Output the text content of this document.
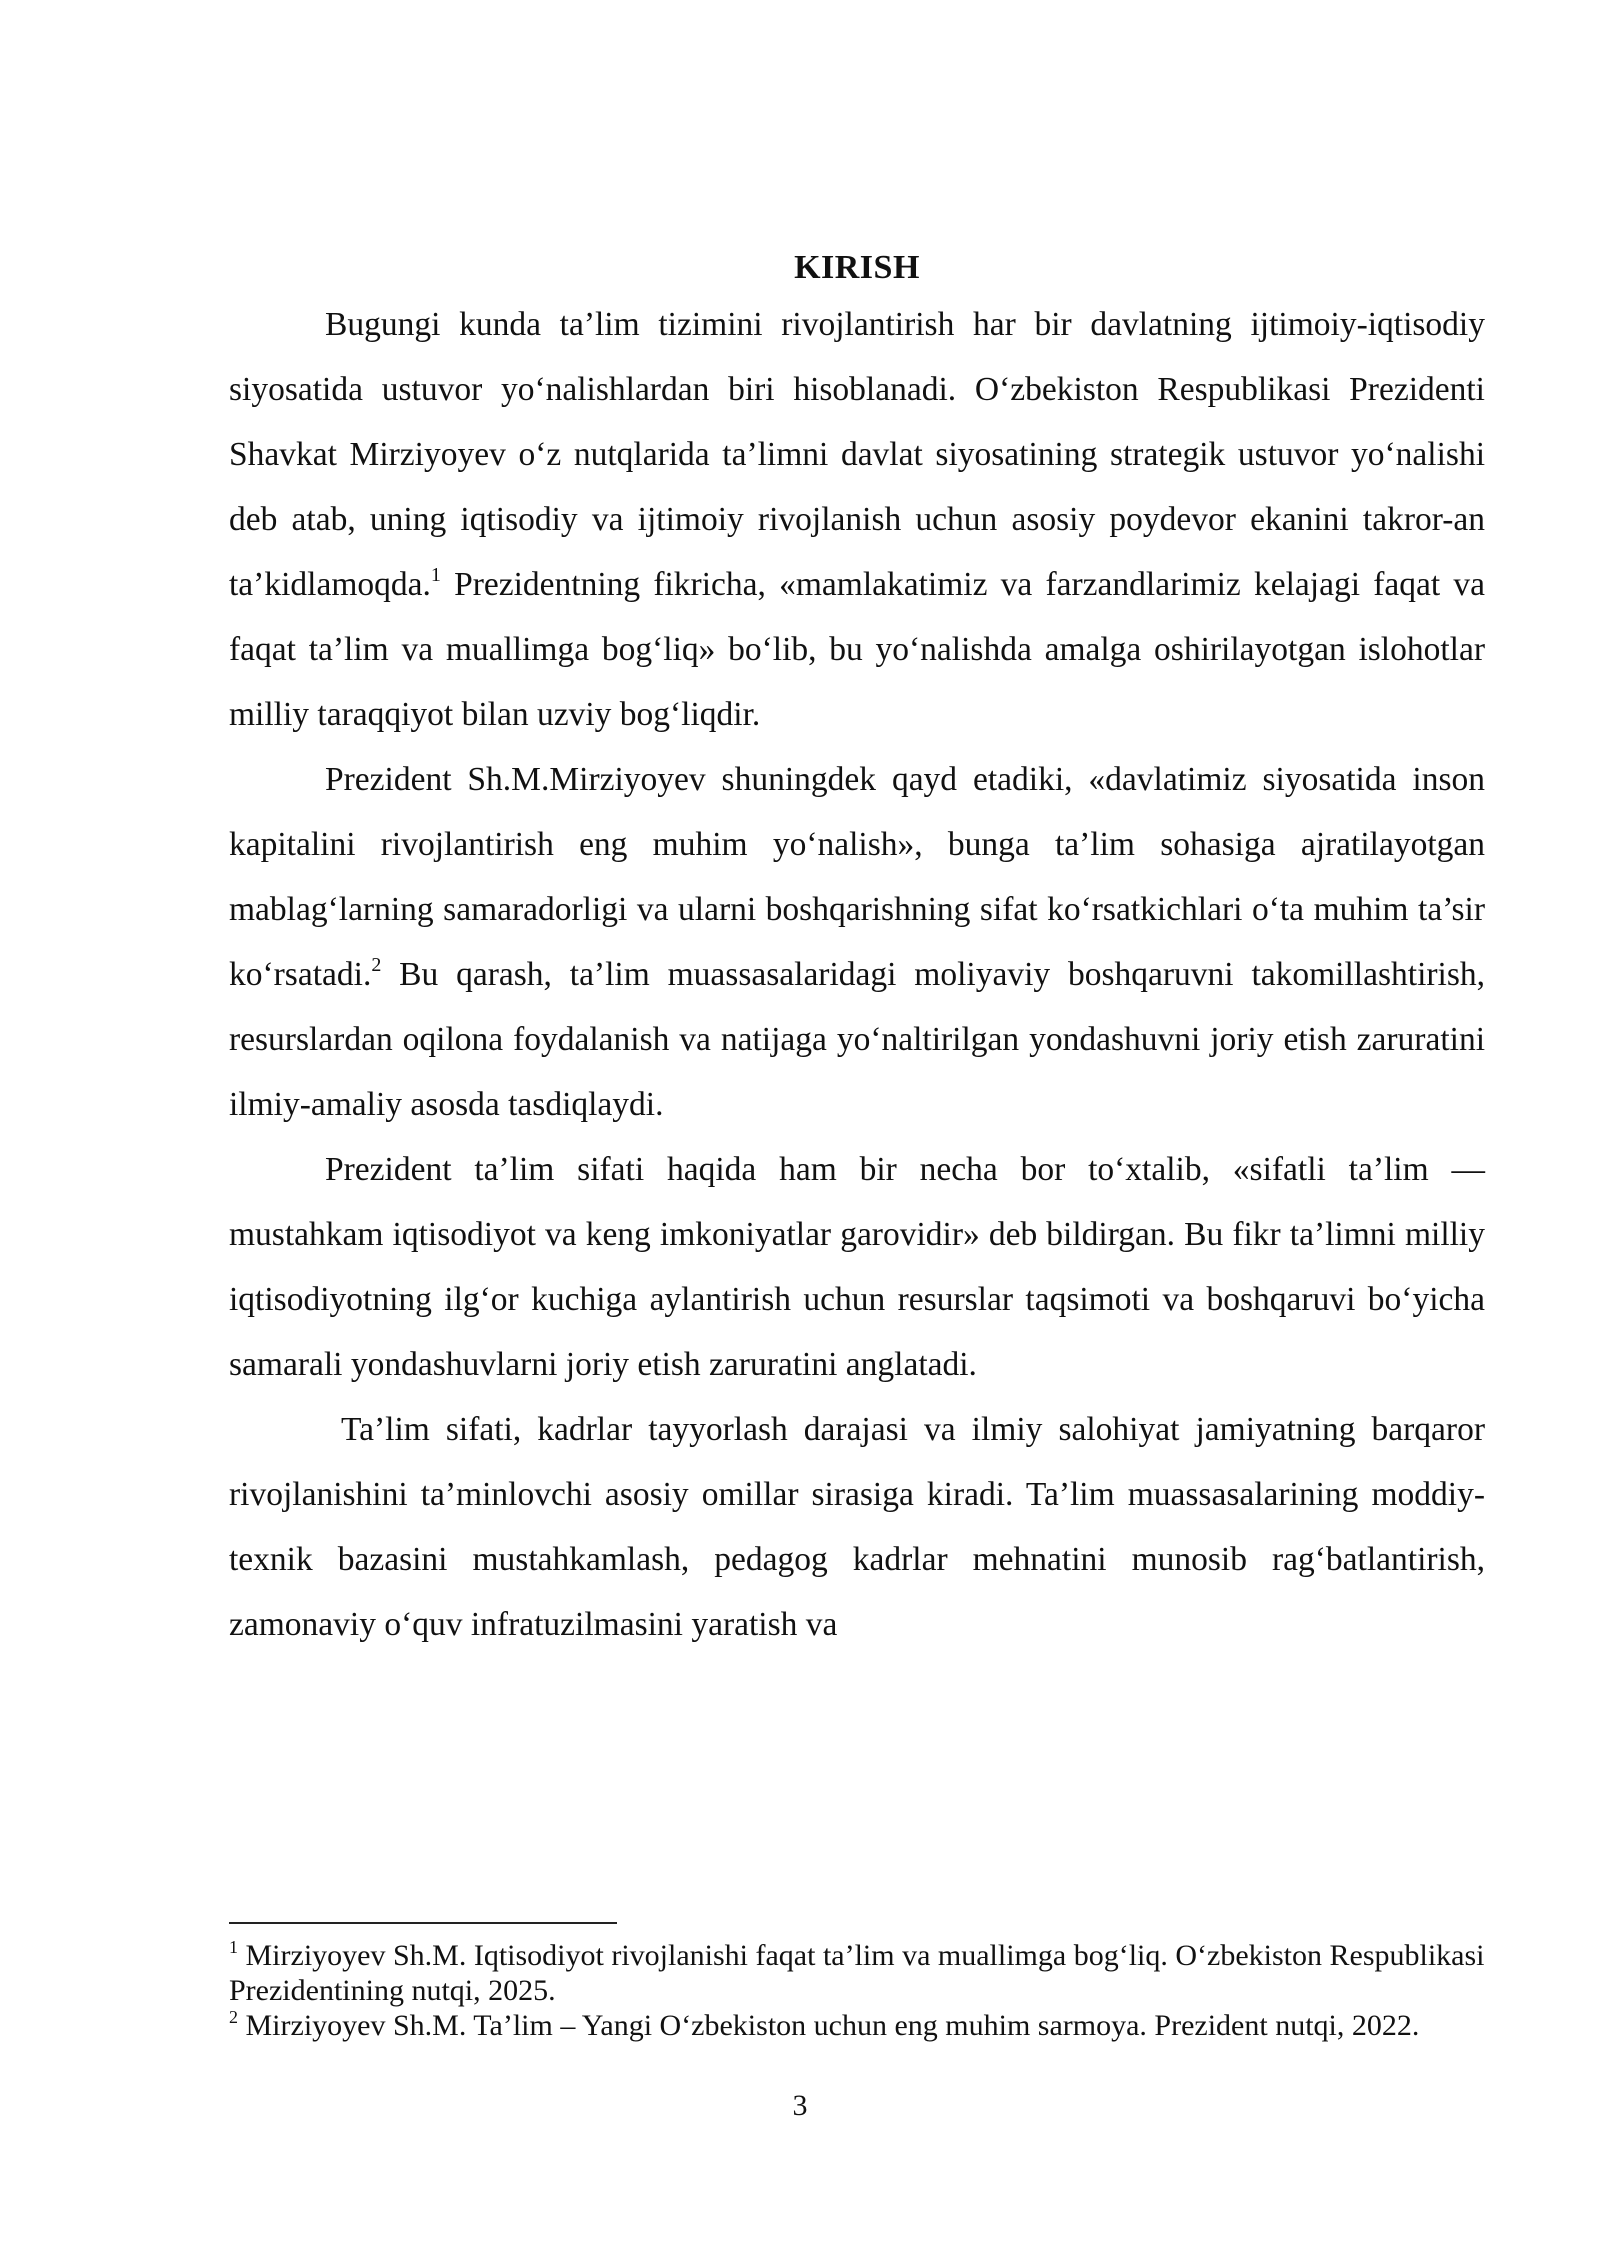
KIRISH

Bugungi kunda ta’lim tizimini rivojlantirish har bir davlatning ijtimoiy-iqtisodiy siyosatida ustuvor yo‘nalishlardan biri hisoblanadi. O‘zbekiston Respublikasi Prezidenti Shavkat Mirziyoyev o‘z nutqlarida ta’limni davlat siyosatining strategik ustuvor yo‘nalishi deb atab, uning iqtisodiy va ijtimoiy rivojlanish uchun asosiy poydevor ekanini takror-an ta’kidlamoqda.$^1$ Prezidentning fikricha, «mamlakatimiz va farzandlarimiz kelajagi faqat va faqat ta’lim va muallimga bog‘liq» bo‘lib, bu yo‘nalishda amalga oshirilayotgan islohotlar milliy taraqqiyot bilan uzviy bog‘liqdir.

Prezident Sh.M.Mirziyoyev shuningdek qayd etadiki, «davlatimiz siyosatida inson kapitalini rivojlantirish eng muhim yo‘nalish», bunga ta’lim sohasiga ajratilayotgan mablag‘larning samaradorligi va ularni boshqarishning sifat ko‘rsatkichlari o‘ta muhim ta’sir ko‘rsatadi.$^2$ Bu qarash, ta’lim muassasalaridagi moliyaviy boshqaruvni takomillashtirish, resurslardan oqilona foydalanish va natijaga yo‘naltirilgan yondashuvni joriy etish zaruratini ilmiy-amaliy asosda tasdiqlaydi.

Prezident ta’lim sifati haqida ham bir necha bor to‘xtalib, «sifatli ta’lim — mustahkam iqtisodiyot va keng imkoniyatlar garovidir» deb bildirgan. Bu fikr ta’limni milliy iqtisodiyotning ilg‘or kuchiga aylantirish uchun resurslar taqsimoti va boshqaruvi bo‘yicha samarali yondashuvlarni joriy etish zaruratini anglatadi.

Ta’lim sifati, kadrlar tayyorlash darajasi va ilmiy salohiyat jamiyatning barqaror rivojlanishini ta’minlovchi asosiy omillar sirasiga kiradi. Ta’lim muassasalarining moddiy-texnik bazasini mustahkamlash, pedagog kadrlar mehnatini munosib rag‘batlantirish, zamonaviy o‘quv infratuzilmasini yaratish va

$^1$ Mirziyoyev Sh.M. Iqtisodiyot rivojlanishi faqat ta’lim va muallimga bog‘liq. O‘zbekiston Respublikasi Prezidentining nutqi, 2025.

$^2$ Mirziyoyev Sh.M. Ta’lim – Yangi O‘zbekiston uchun eng muhim sarmoya. Prezident nutqi, 2022.

3
